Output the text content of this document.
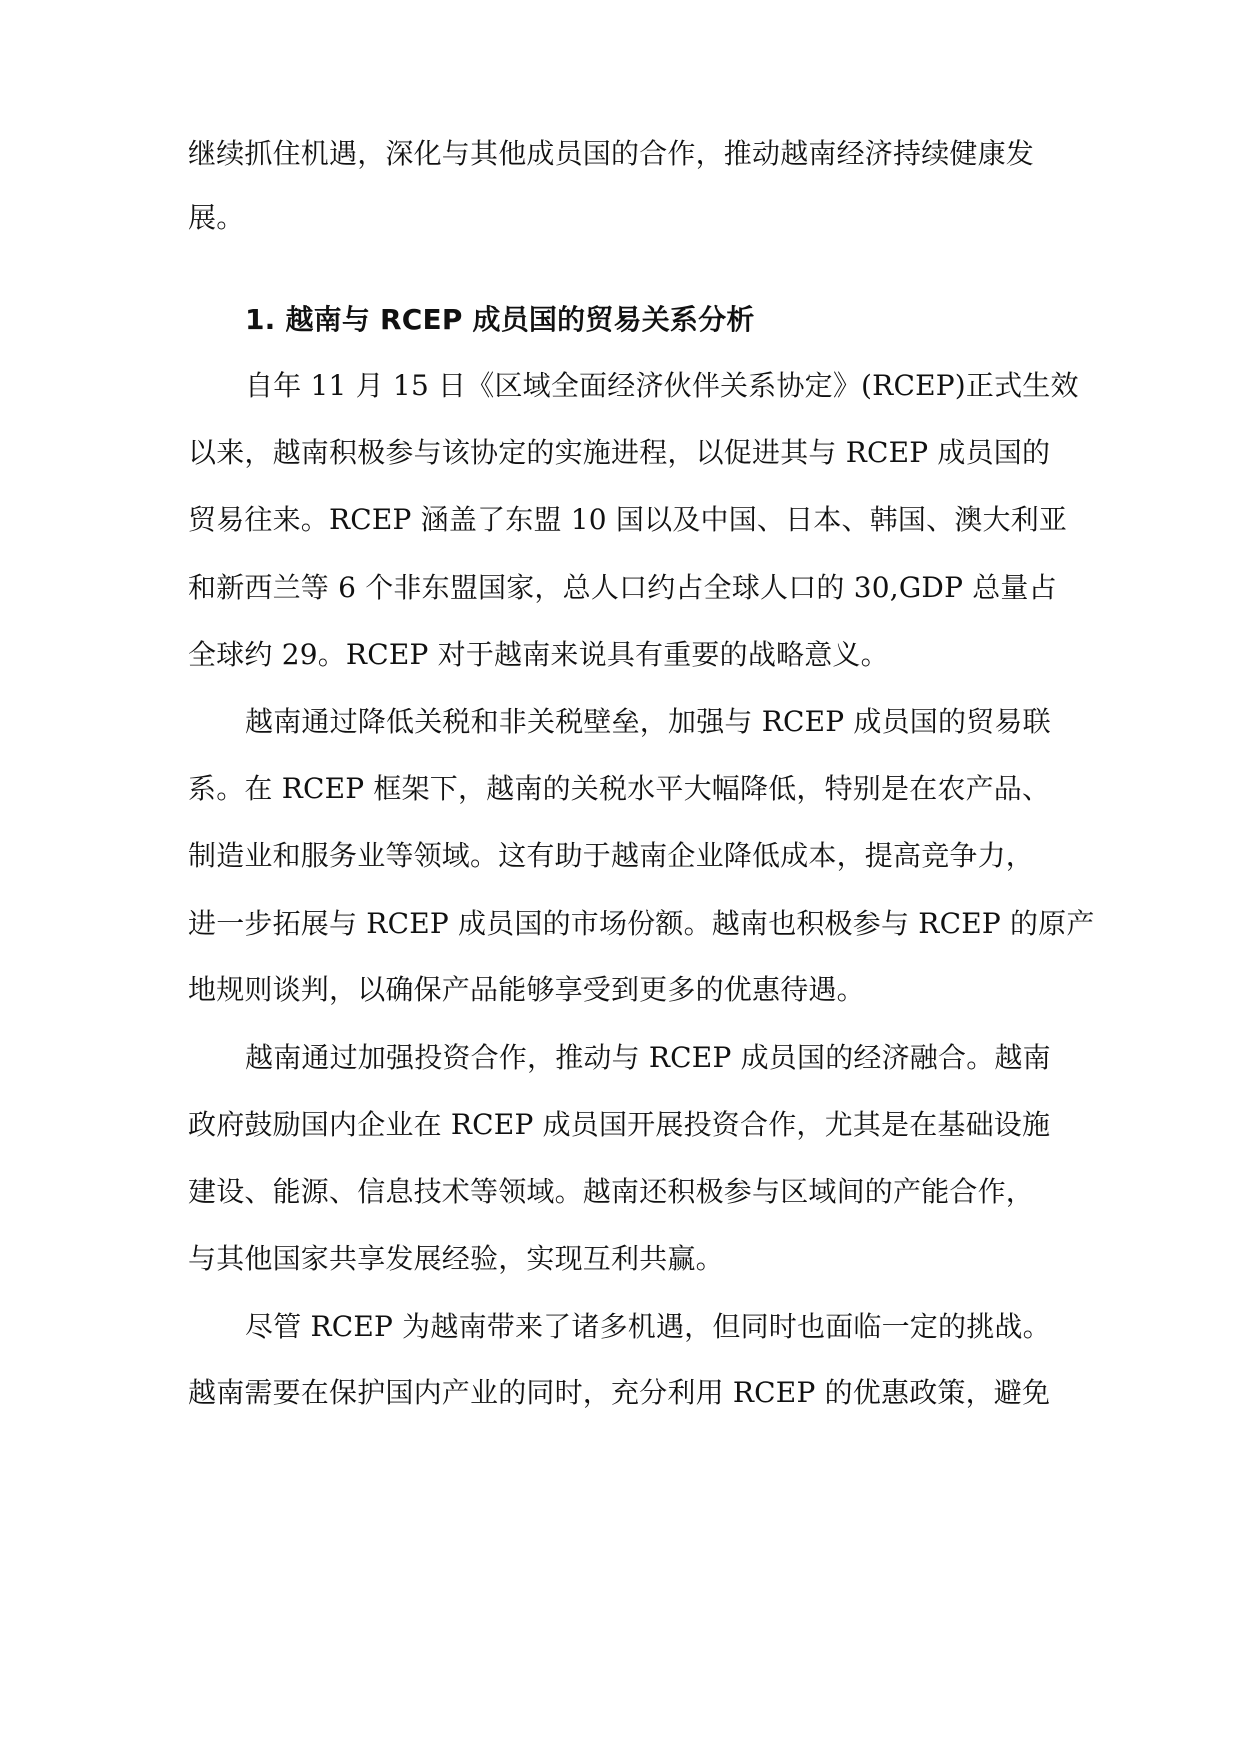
继续抓住机遇，深化与其他成员国的合作，推动越南经济持续健康发

展。

1. 越南与 RCEP 成员国的贸易关系分析

自年 11 月 15 日《区域全面经济伙伴关系协定》(RCEP)正式生效

以来，越南积极参与该协定的实施进程，以促进其与 RCEP 成员国的

贸易往来。RCEP 涵盖了东盟 10 国以及中国、日本、韩国、澳大利亚

和新西兰等 6 个非东盟国家，总人口约占全球人口的 30,GDP 总量占

全球约 29。RCEP 对于越南来说具有重要的战略意义。

越南通过降低关税和非关税壁垒，加强与 RCEP 成员国的贸易联

系。在 RCEP 框架下，越南的关税水平大幅降低，特别是在农产品、

制造业和服务业等领域。这有助于越南企业降低成本，提高竞争力，

进一步拓展与 RCEP 成员国的市场份额。越南也积极参与 RCEP 的原产

地规则谈判，以确保产品能够享受到更多的优惠待遇。

越南通过加强投资合作，推动与 RCEP 成员国的经济融合。越南

政府鼓励国内企业在 RCEP 成员国开展投资合作，尤其是在基础设施

建设、能源、信息技术等领域。越南还积极参与区域间的产能合作，

与其他国家共享发展经验，实现互利共赢。

尽管 RCEP 为越南带来了诸多机遇，但同时也面临一定的挑战。

越南需要在保护国内产业的同时，充分利用 RCEP 的优惠政策，避免
